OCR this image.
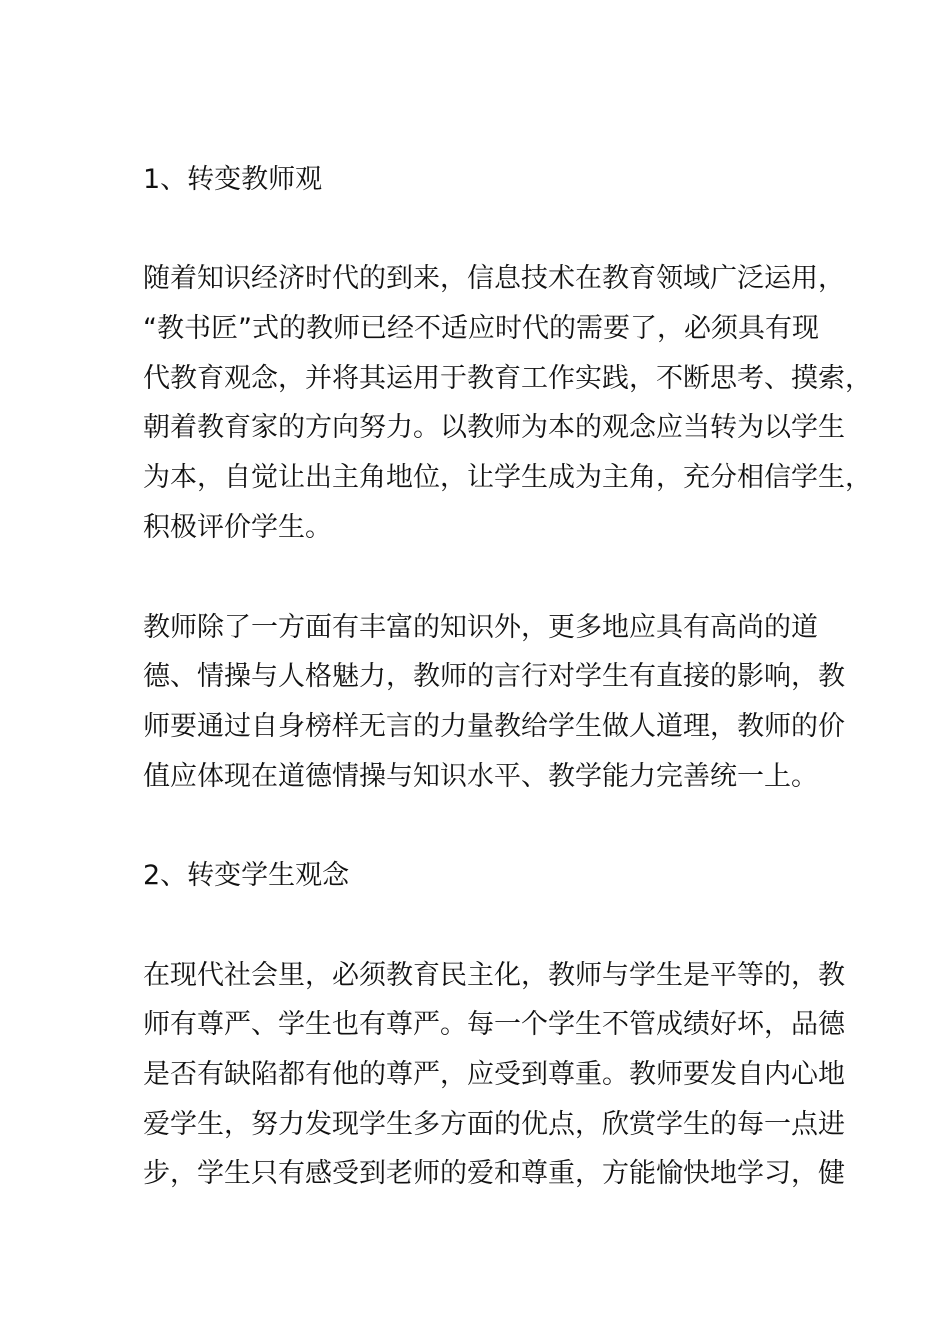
1、转变教师观
随着知识经济时代的到来，信息技术在教育领域广泛运用，
“教书匠”式的教师已经不适应时代的需要了，必须具有现
代教育观念，并将其运用于教育工作实践，不断思考、摸索，
朝着教育家的方向努力。以教师为本的观念应当转为以学生
为本，自觉让出主角地位，让学生成为主角，充分相信学生，
积极评价学生。
教师除了一方面有丰富的知识外，更多地应具有高尚的道
德、情操与人格魅力，教师的言行对学生有直接的影响，教
师要通过自身榜样无言的力量教给学生做人道理，教师的价
值应体现在道德情操与知识水平、教学能力完善统一上。
2、转变学生观念
在现代社会里，必须教育民主化，教师与学生是平等的，教
师有尊严、学生也有尊严。每一个学生不管成绩好坏，品德
是否有缺陷都有他的尊严，应受到尊重。教师要发自内心地
爱学生，努力发现学生多方面的优点，欣赏学生的每一点进
步，学生只有感受到老师的爱和尊重，方能愉快地学习，健
